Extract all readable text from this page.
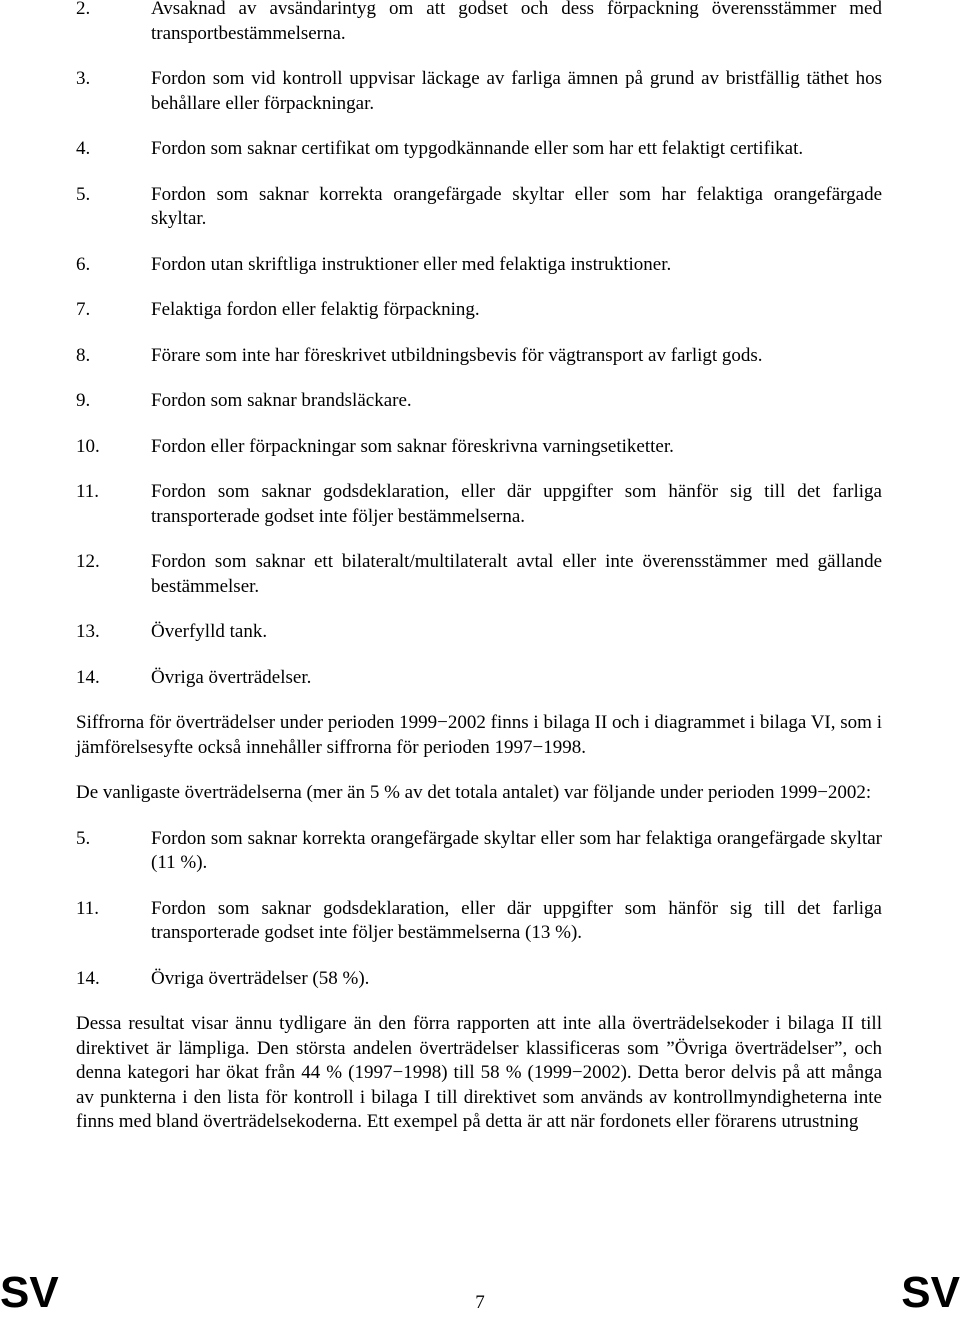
2.	Avsaknad av avsändarintyg om att godset och dess förpackning överensstämmer med transportbestämmelserna.
3.	Fordon som vid kontroll uppvisar läckage av farliga ämnen på grund av bristfällig täthet hos behållare eller förpackningar.
4.	Fordon som saknar certifikat om typgodkännande eller som har ett felaktigt certifikat.
5.	Fordon som saknar korrekta orangefärgade skyltar eller som har felaktiga orangefärgade skyltar.
6.	Fordon utan skriftliga instruktioner eller med felaktiga instruktioner.
7.	Felaktiga fordon eller felaktig förpackning.
8.	Förare som inte har föreskrivet utbildningsbevis för vägtransport av farligt gods.
9.	Fordon som saknar brandsläckare.
10.	Fordon eller förpackningar som saknar föreskrivna varningsetiketter.
11.	Fordon som saknar godsdeklaration, eller där uppgifter som hänför sig till det farliga transporterade godset inte följer bestämmelserna.
12.	Fordon som saknar ett bilateralt/multilateralt avtal eller inte överensstämmer med gällande bestämmelser.
13.	Överfylld tank.
14.	Övriga överträdelser.

Siffrorna för överträdelser under perioden 1999−2002 finns i bilaga II och i diagrammet i bilaga VI, som i jämförelsesyfte också innehåller siffrorna för perioden 1997−1998.

De vanligaste överträdelserna (mer än 5 % av det totala antalet) var följande under perioden 1999−2002:

5.	Fordon som saknar korrekta orangefärgade skyltar eller som har felaktiga orangefärgade skyltar (11 %).
11.	Fordon som saknar godsdeklaration, eller där uppgifter som hänför sig till det farliga transporterade godset inte följer bestämmelserna (13 %).
14.	Övriga överträdelser (58 %).

Dessa resultat visar ännu tydligare än den förra rapporten att inte alla överträdelsekoder i bilaga II till direktivet är lämpliga. Den största andelen överträdelser klassificeras som ”Övriga överträdelser”, och denna kategori har ökat från 44 % (1997−1998) till 58 % (1999−2002). Detta beror delvis på att många av punkterna i den lista för kontroll i bilaga I till direktivet som används av kontrollmyndigheterna inte finns med bland överträdelsekoderna. Ett exempel på detta är att när fordonets eller förarens utrustning

SV	7	SV
